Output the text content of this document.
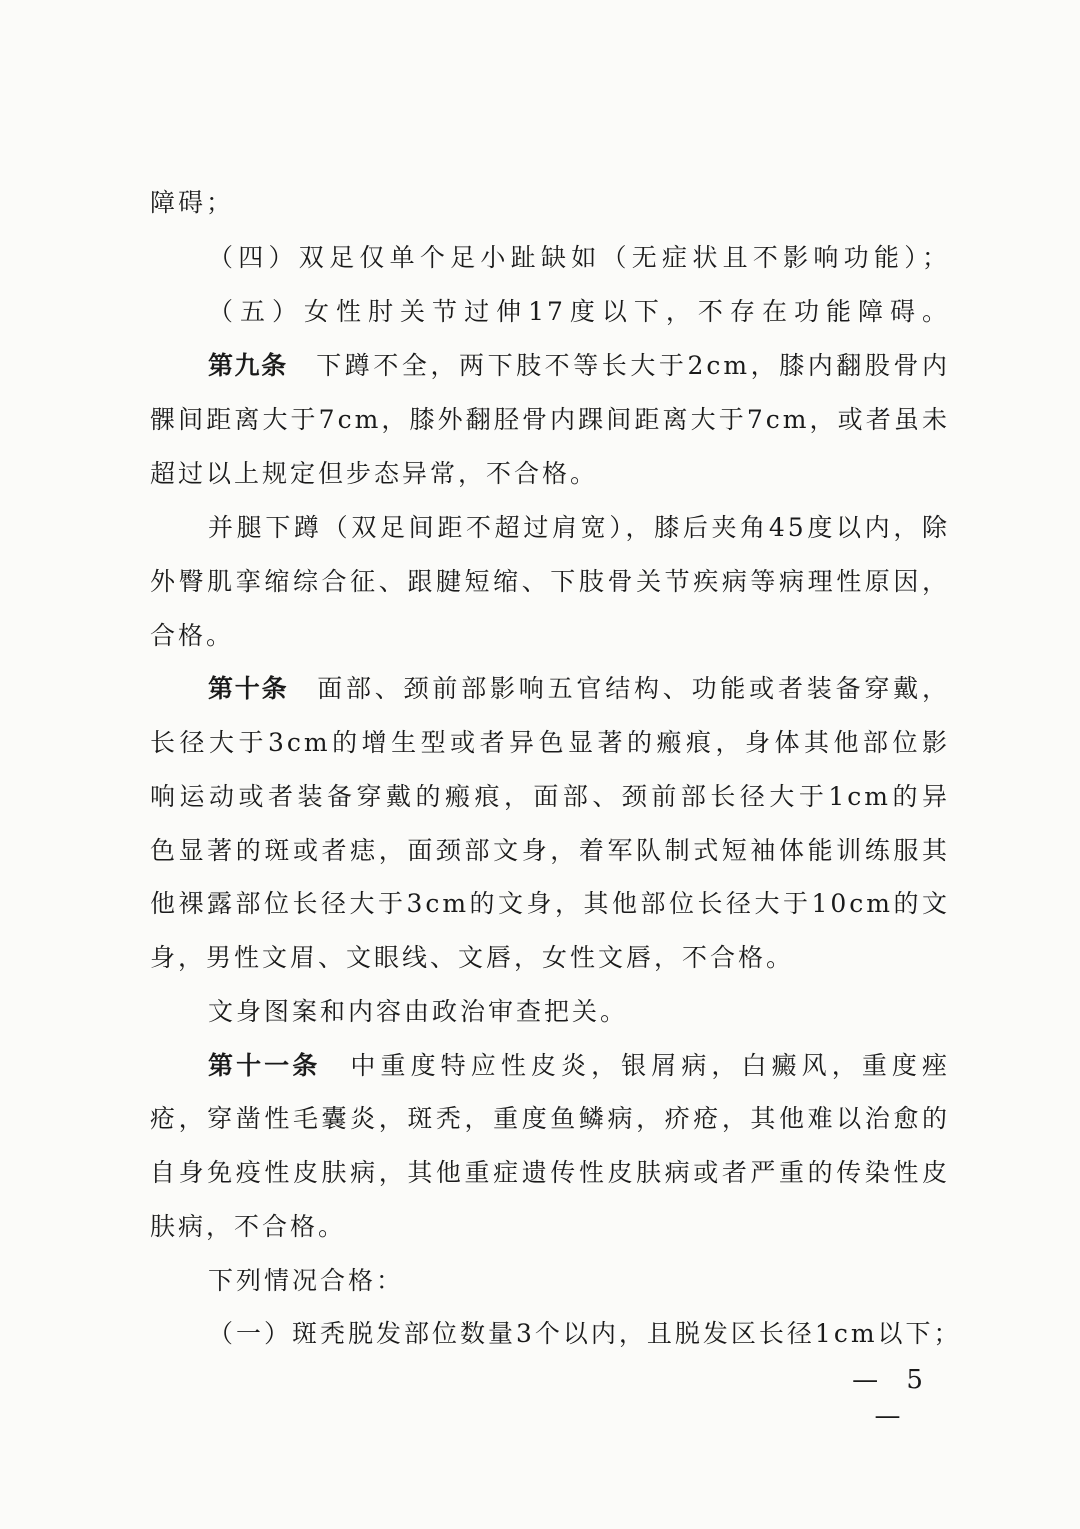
障碍；
（四）双足仅单个足小趾缺如（无症状且不影响功能）；
（五）女性肘关节过伸17度以下，不存在功能障碍。
第九条 下蹲不全，两下肢不等长大于2cm，膝内翻股骨内
髁间距离大于7cm，膝外翻胫骨内踝间距离大于7cm，或者虽未
超过以上规定但步态异常，不合格。
并腿下蹲（双足间距不超过肩宽），膝后夹角45度以内，除
外臀肌挛缩综合征、跟腱短缩、下肢骨关节疾病等病理性原因，
合格。
第十条 面部、颈前部影响五官结构、功能或者装备穿戴，
长径大于3cm的增生型或者异色显著的瘢痕，身体其他部位影
响运动或者装备穿戴的瘢痕，面部、颈前部长径大于1cm的异
色显著的斑或者痣，面颈部文身，着军队制式短袖体能训练服其
他裸露部位长径大于3cm的文身，其他部位长径大于10cm的文
身，男性文眉、文眼线、文唇，女性文唇，不合格。
文身图案和内容由政治审查把关。
第十一条 中重度特应性皮炎，银屑病，白癜风，重度痤
疮，穿凿性毛囊炎，斑秃，重度鱼鳞病，疥疮，其他难以治愈的
自身免疫性皮肤病，其他重症遗传性皮肤病或者严重的传染性皮
肤病，不合格。
下列情况合格：
（一）斑秃脱发部位数量3个以内，且脱发区长径1cm以下；
— 5 —
